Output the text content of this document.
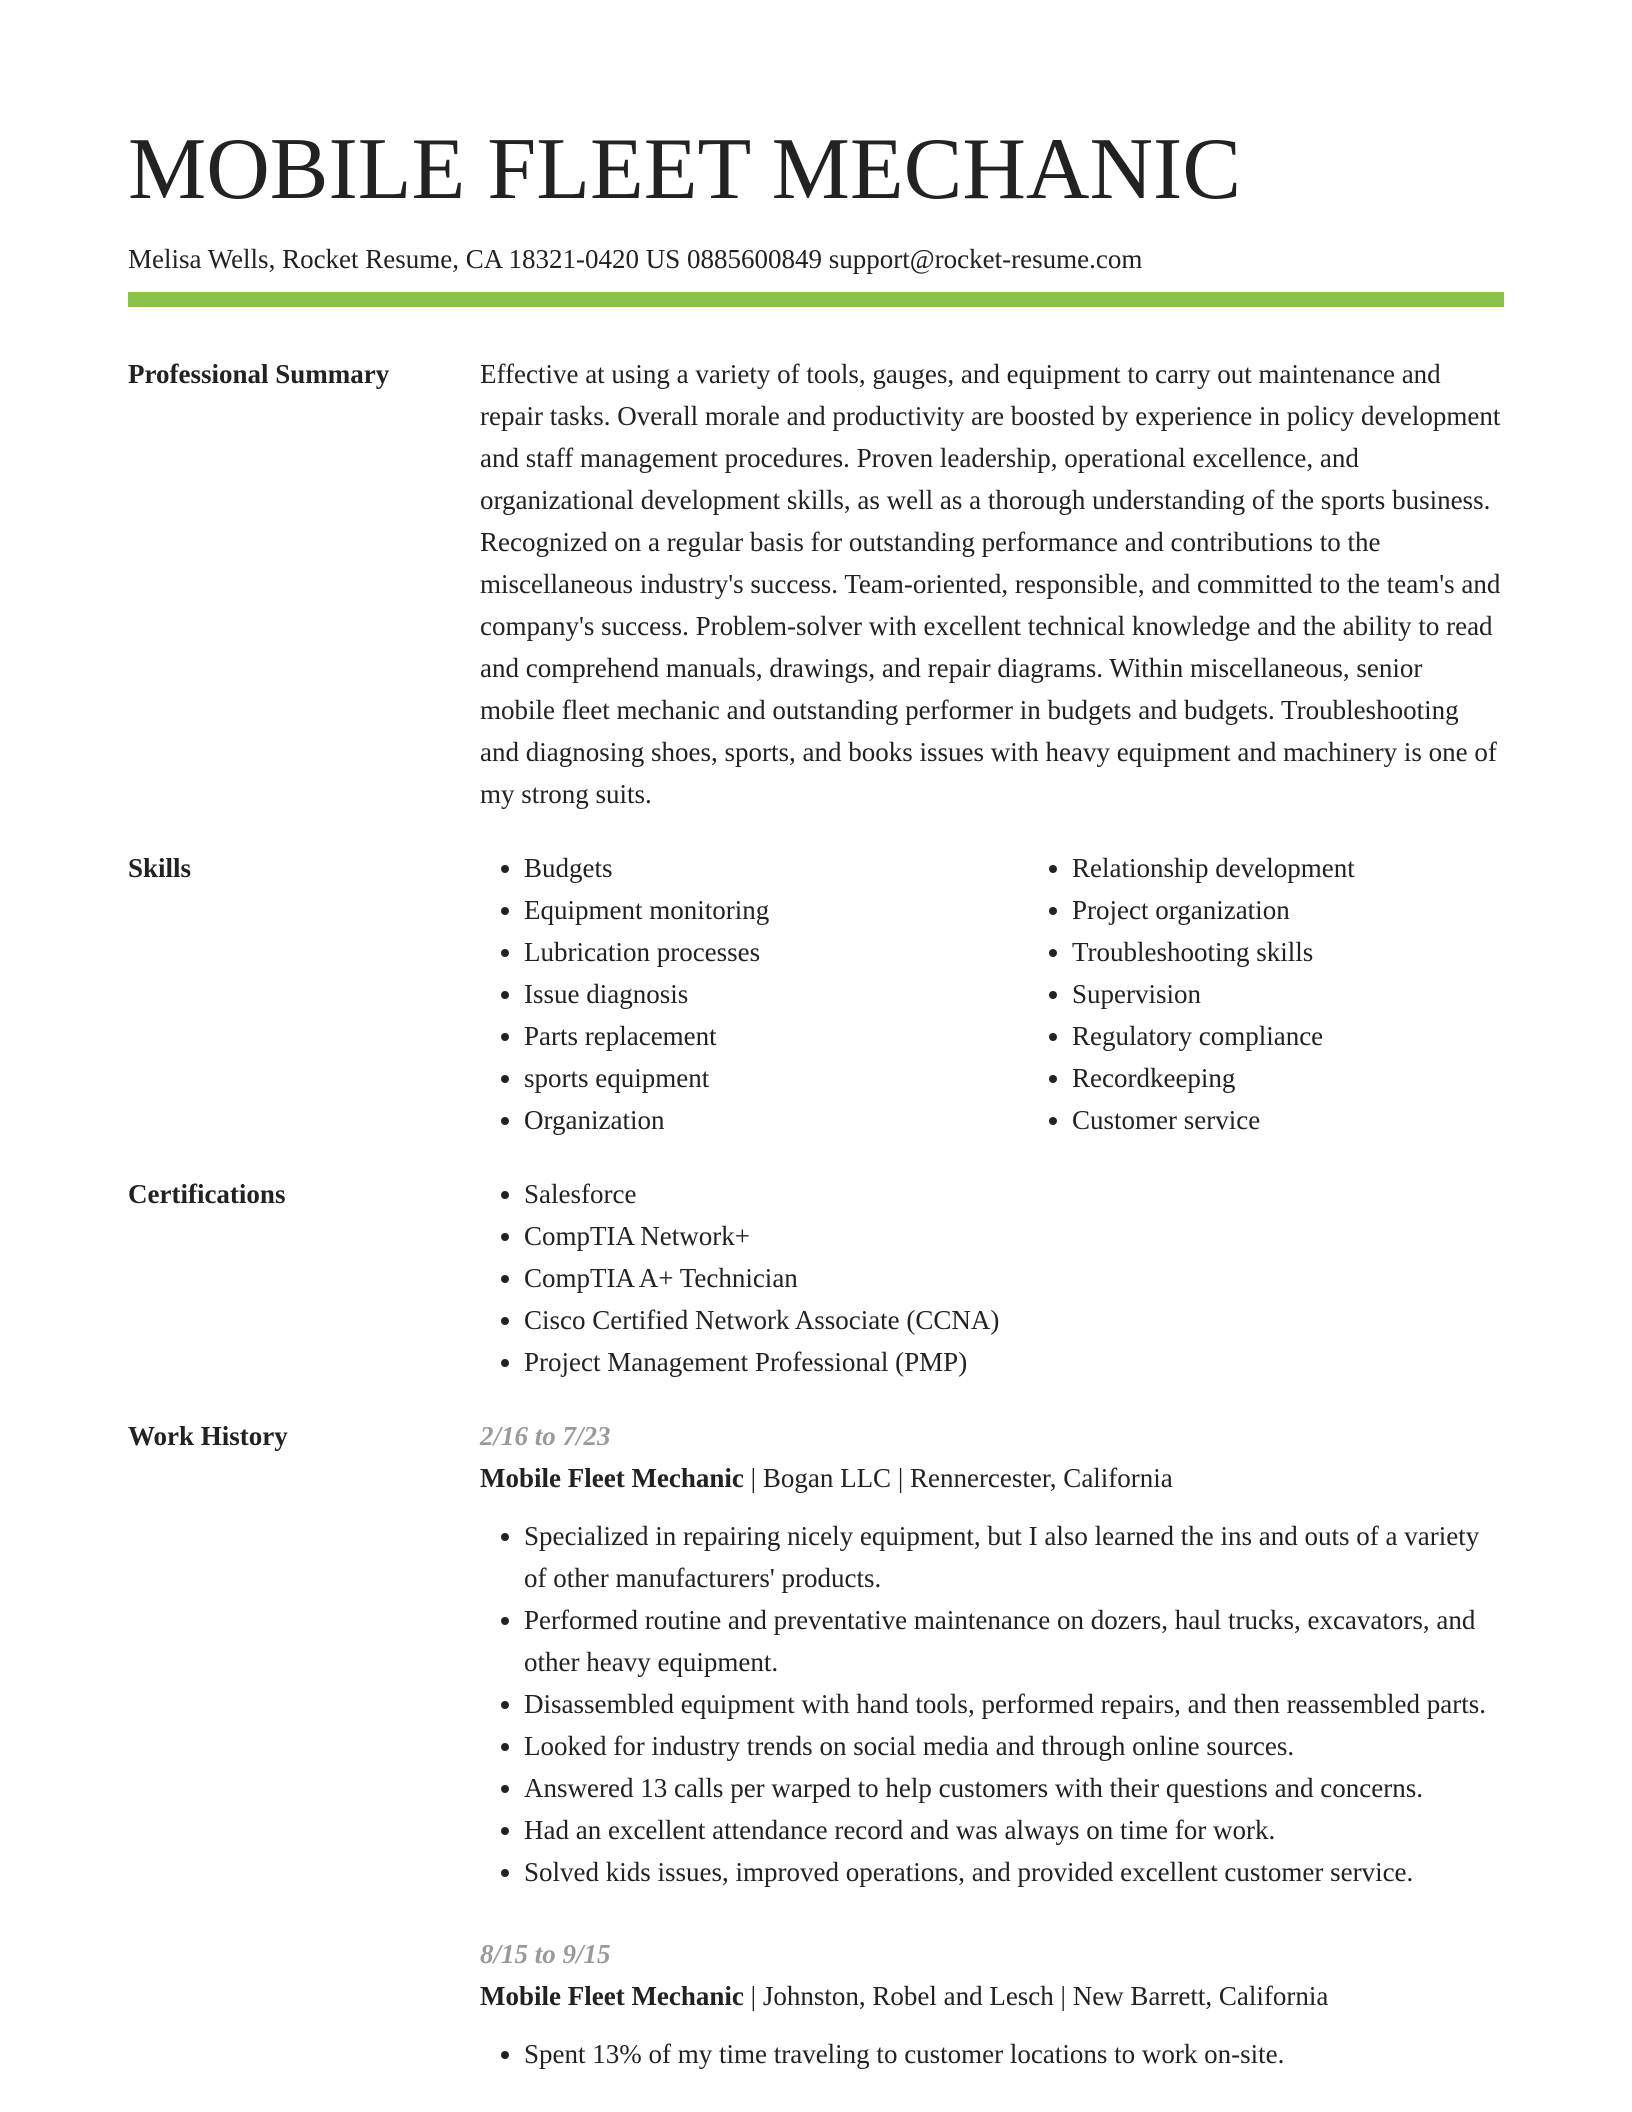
MOBILE FLEET MECHANIC
Melisa Wells, Rocket Resume, CA 18321-0420 US 0885600849 support@rocket-resume.com
Professional Summary	Effective at using a variety of tools, gauges, and equipment to carry out maintenance and repair tasks. Overall morale and productivity are boosted by experience in policy development and staff management procedures. Proven leadership, operational excellence, and organizational development skills, as well as a thorough understanding of the sports business. Recognized on a regular basis for outstanding performance and contributions to the miscellaneous industry's success. Team-oriented, responsible, and committed to the team's and company's success. Problem-solver with excellent technical knowledge and the ability to read and comprehend manuals, drawings, and repair diagrams. Within miscellaneous, senior mobile fleet mechanic and outstanding performer in budgets and budgets. Troubleshooting and diagnosing shoes, sports, and books issues with heavy equipment and machinery is one of my strong suits.

Skills	• Budgets
• Equipment monitoring
• Lubrication processes
• Issue diagnosis
• Parts replacement
• sports equipment
• Organization
• Relationship development
• Project organization
• Troubleshooting skills
• Supervision
• Regulatory compliance
• Recordkeeping
• Customer service
Certifications	• Salesforce
• CompTIA Network+
• CompTIA A+ Technician
• Cisco Certified Network Associate (CCNA)
• Project Management Professional (PMP)
Work History	2/16 to 7/23
Mobile Fleet Mechanic | Bogan LLC | Rennercester, California
• Specialized in repairing nicely equipment, but I also learned the ins and outs of a variety of other manufacturers' products.
• Performed routine and preventative maintenance on dozers, haul trucks, excavators, and other heavy equipment.
• Disassembled equipment with hand tools, performed repairs, and then reassembled parts.
• Looked for industry trends on social media and through online sources.
• Answered 13 calls per warped to help customers with their questions and concerns.
• Had an excellent attendance record and was always on time for work.
• Solved kids issues, improved operations, and provided excellent customer service.
8/15 to 9/15
Mobile Fleet Mechanic | Johnston, Robel and Lesch | New Barrett, California
• Spent 13% of my time traveling to customer locations to work on-site.
